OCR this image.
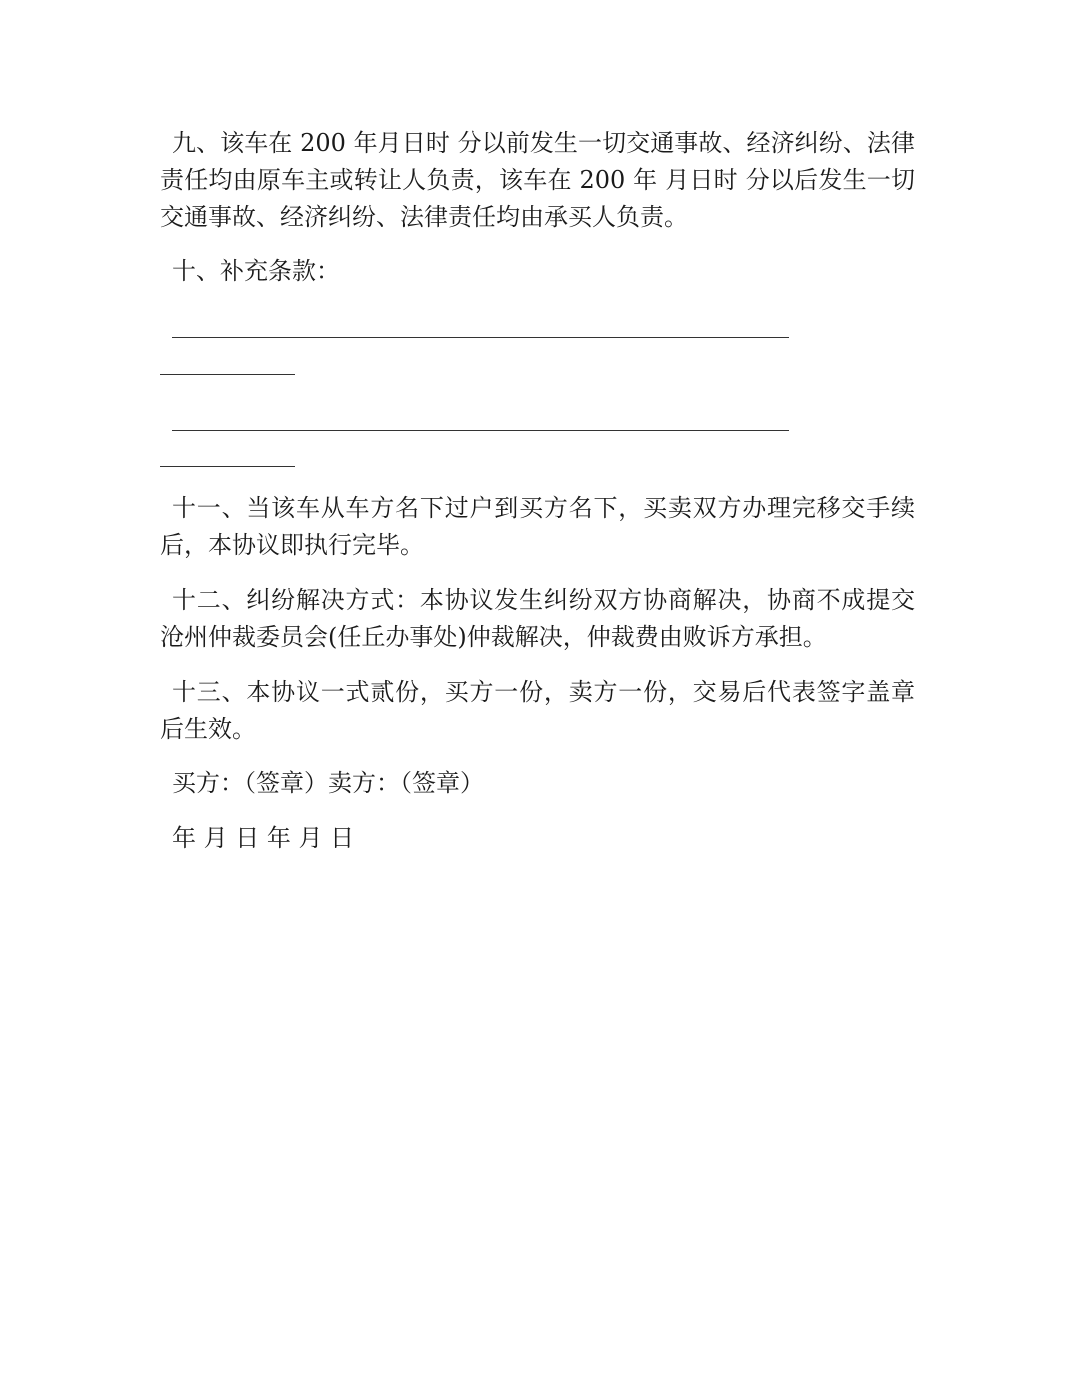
九、该车在 200 年月日时 分以前发生一切交通事故、经济纠纷、法律责任均由原车主或转让人负责，该车在 200 年 月日时 分以后发生一切交通事故、经济纠纷、法律责任均由承买人负责。

十、补充条款：

十一、当该车从车方名下过户到买方名下，买卖双方办理完移交手续后，本协议即执行完毕。

十二、纠纷解决方式：本协议发生纠纷双方协商解决，协商不成提交沧州仲裁委员会(任丘办事处)仲裁解决，仲裁费由败诉方承担。

十三、本协议一式贰份，买方一份，卖方一份，交易后代表签字盖章后生效。

买方：（签章）卖方：（签章）

年 月 日 年 月 日
